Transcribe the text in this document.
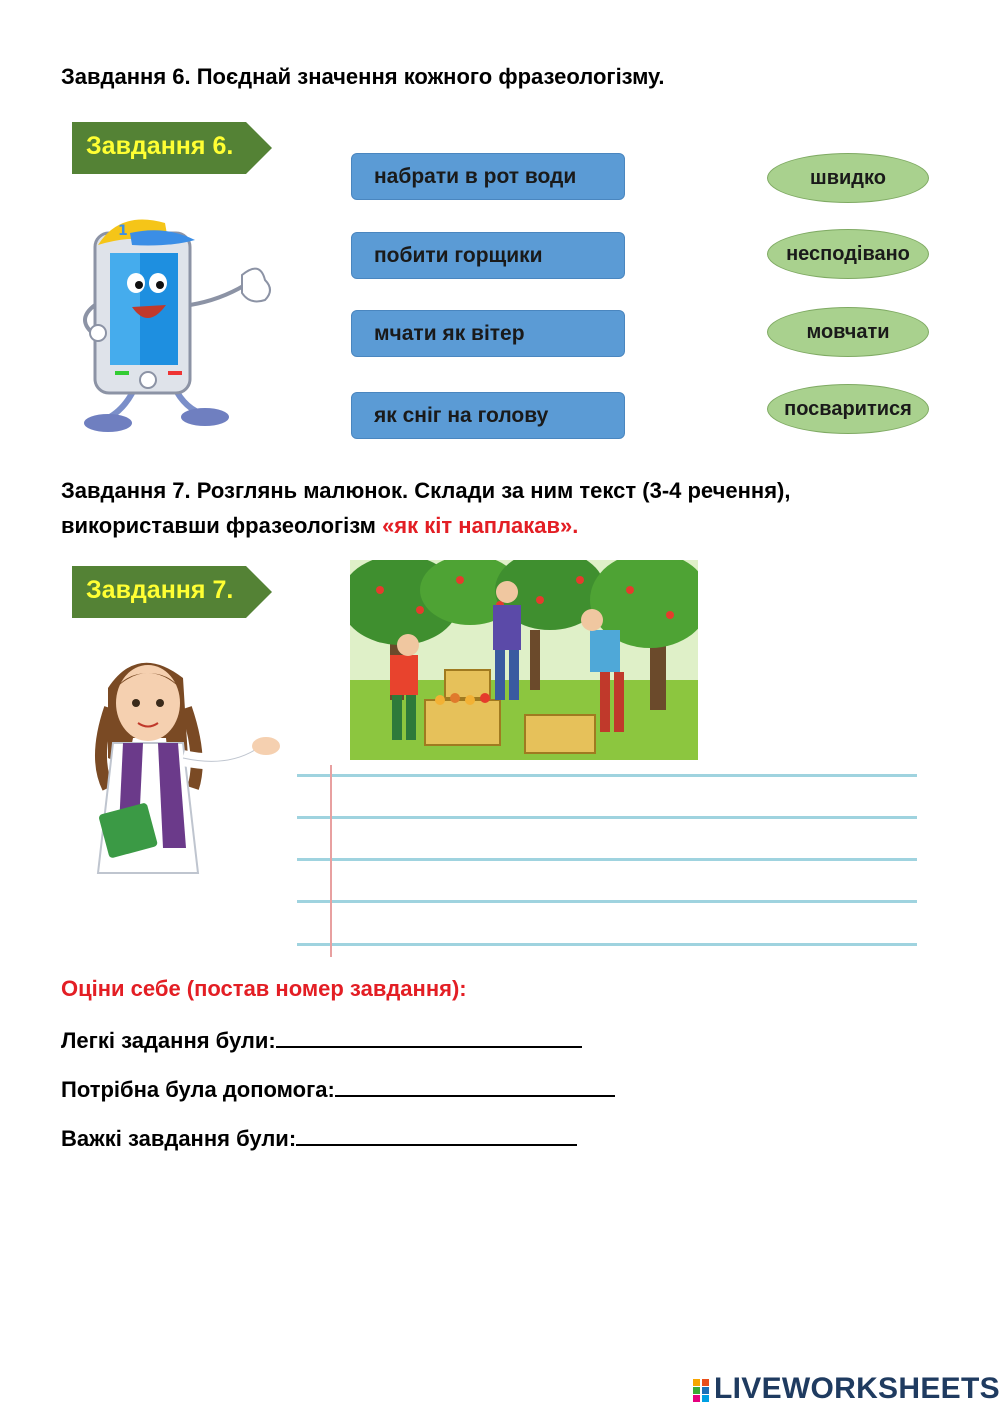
Завдання 6. Поєднай значення кожного фразеологізму.
Завдання 6.
1
набрати в рот води
побити горщики
мчати як вітер
як сніг на голову
швидко
несподівано
мовчати
посваритися
Завдання 7. Розглянь малюнок. Склади за ним текст (3-4 речення),
використавши фразеологізм «як кіт наплакав».
Завдання 7.
Оціни себе (постав номер завдання):
Легкі задання були:
Потрібна була допомога:
Важкі завдання були:
LIVEWORKSHEETS
